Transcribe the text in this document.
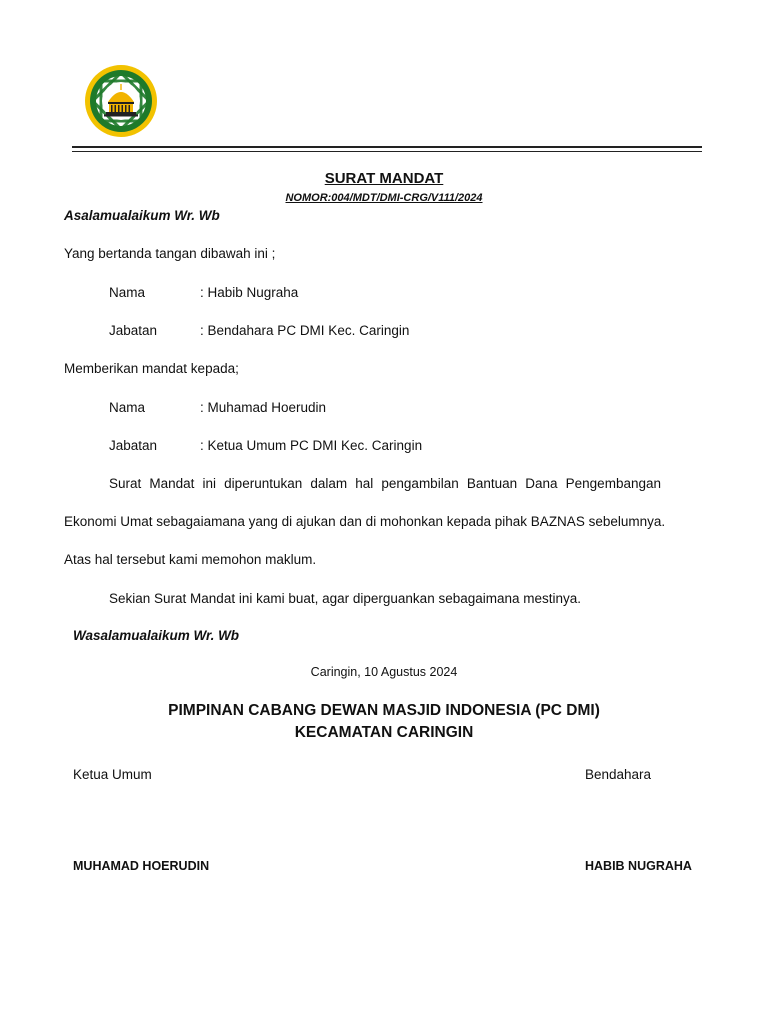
SURAT MANDAT
NOMOR:004/MDT/DMI-CRG/V111/2024
Asalamualaikum Wr. Wb
Yang bertanda tangan dibawah ini ;
Nama	: Habib Nugraha
Jabatan	: Bendahara PC DMI Kec. Caringin
Memberikan mandat kepada;
Nama	: Muhamad Hoerudin
Jabatan	: Ketua Umum PC DMI Kec. Caringin
Surat Mandat ini diperuntukan dalam hal pengambilan Bantuan Dana Pengembangan
Ekonomi Umat sebagaiamana yang di ajukan dan di mohonkan kepada pihak BAZNAS sebelumnya.
Atas hal tersebut kami memohon maklum.
Sekian Surat Mandat ini kami buat, agar diperguankan sebagaimana mestinya.
Wasalamualaikum Wr. Wb
Caringin, 10 Agustus 2024
PIMPINAN CABANG DEWAN MASJID INDONESIA (PC DMI)
KECAMATAN CARINGIN
Ketua Umum	Bendahara
MUHAMAD HOERUDIN	HABIB NUGRAHA
